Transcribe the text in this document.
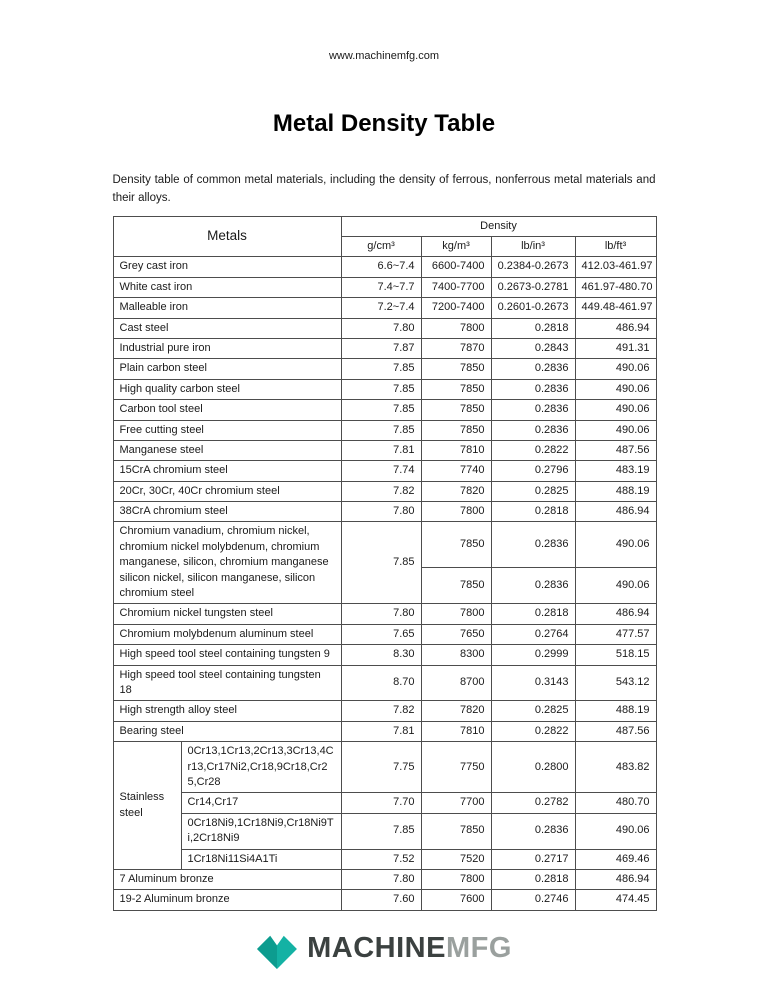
www.machinemfg.com
Metal Density Table

Density table of common metal materials, including the density of ferrous, nonferrous metal materials and their alloys.

Metals		Density			
		g/cm³	kg/m³	lb/in³	lb/ft³
Grey cast iron		6.6~7.4	6600-7400	0.2384-0.2673	412.03-461.97
White cast iron		7.4~7.7	7400-7700	0.2673-0.2781	461.97-480.70
Malleable iron		7.2~7.4	7200-7400	0.2601-0.2673	449.48-461.97
Cast steel		7.80	7800	0.2818	486.94
Industrial pure iron		7.87	7870	0.2843	491.31
Plain carbon steel		7.85	7850	0.2836	490.06
High quality carbon steel		7.85	7850	0.2836	490.06
Carbon tool steel		7.85	7850	0.2836	490.06
Free cutting steel		7.85	7850	0.2836	490.06
Manganese steel		7.81	7810	0.2822	487.56
15CrA chromium steel		7.74	7740	0.2796	483.19
20Cr, 30Cr, 40Cr chromium steel		7.82	7820	0.2825	488.19
38CrA chromium steel		7.80	7800	0.2818	486.94
Chromium vanadium, chromium nickel, chromium nickel molybdenum, chromium manganese, silicon, chromium manganese silicon nickel, silicon manganese, silicon chromium steel		7.85	7850	0.2836	490.06
			7850	0.2836	490.06
Chromium nickel tungsten steel		7.80	7800	0.2818	486.94
Chromium molybdenum aluminum steel		7.65	7650	0.2764	477.57
High speed tool steel containing tungsten 9		8.30	8300	0.2999	518.15
High speed tool steel containing tungsten 18		8.70	8700	0.3143	543.12
High strength alloy steel		7.82	7820	0.2825	488.19
Bearing steel		7.81	7810	0.2822	487.56
Stainless steel	0Cr13,1Cr13,2Cr13,3Cr13,4Cr13,Cr17Ni2,Cr18,9Cr18,Cr25,Cr28	7.75	7750	0.2800	483.82
	Cr14,Cr17	7.70	7700	0.2782	480.70
	0Cr18Ni9,1Cr18Ni9,Cr18Ni9Ti,2Cr18Ni9	7.85	7850	0.2836	490.06
	1Cr18Ni11Si4A1Ti	7.52	7520	0.2717	469.46
7 Aluminum bronze		7.80	7800	0.2818	486.94
19-2 Aluminum bronze		7.60	7600	0.2746	474.45
MACHINEMFG
